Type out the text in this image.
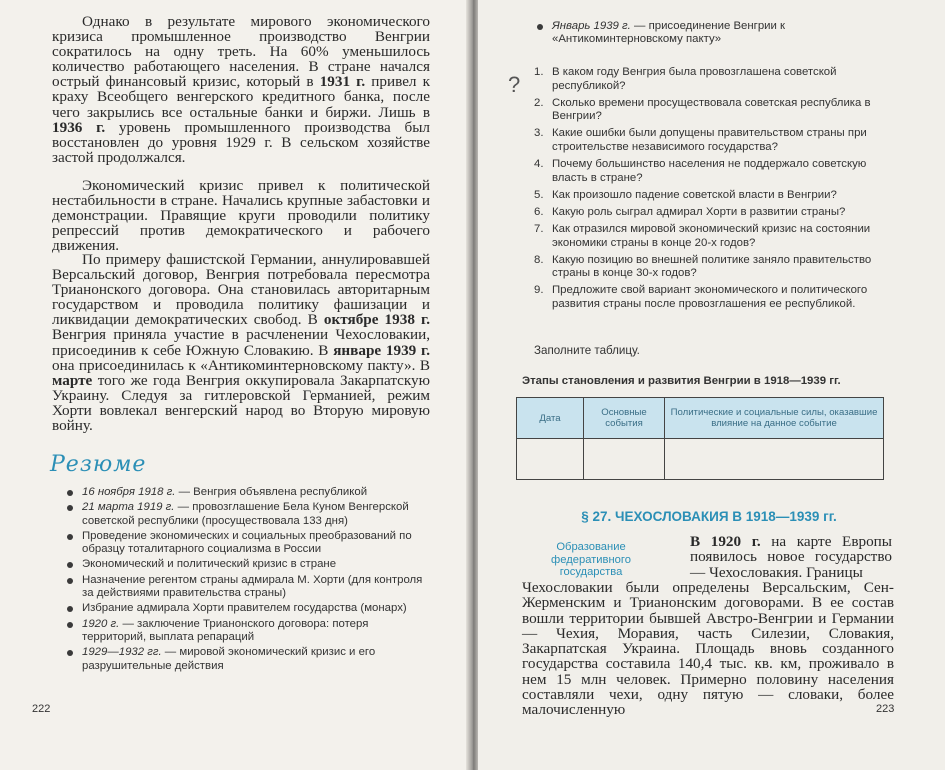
Однако в результате мирового экономического кризиса промышленное производство Венгрии сократилось на одну треть. На 60% уменьшилось количество работающего населения. В стране начался острый финансовый кризис, который в 1931 г. привел к краху Всеобщего венгерского кредитного банка, после чего закрылись все остальные банки и биржи. Лишь в 1936 г. уровень промышленного производства был восстановлен до уровня 1929 г. В сельском хозяйстве застой продолжался.

Экономический кризис привел к политической нестабильности в стране. Начались крупные забастовки и демонстрации. Правящие круги проводили политику репрессий против демократического и рабочего движения.

По примеру фашистской Германии, аннулировавшей Версальский договор, Венгрия потребовала пересмотра Трианонского договора. Она становилась авторитарным государством и проводила политику фашизации и ликвидации демократических свобод. В октябре 1938 г. Венгрия приняла участие в расчленении Чехословакии, присоединив к себе Южную Словакию. В январе 1939 г. она присоединилась к «Антикоминтерновскому пакту». В марте того же года Венгрия оккупировала Закарпатскую Украину. Следуя за гитлеровской Германией, режим Хорти вовлекал венгерский народ во Вторую мировую войну.

Резюме
16 ноября 1918 г. — Венгрия объявлена республикой
21 марта 1919 г. — провозглашение Бела Куном Венгерской советской республики (просуществовала 133 дня)
Проведение экономических и социальных преобразований по образцу тоталитарного социализма в России
Экономический и политический кризис в стране
Назначение регентом страны адмирала М. Хорти (для контроля за действиями правительства страны)
Избрание адмирала Хорти правителем государства (монарх)
1920 г. — заключение Трианонского договора: потеря территорий, выплата репараций
1929—1932 гг. — мировой экономический кризис и его разрушительные действия
222
Январь 1939 г. — присоединение Венгрии к «Антикоминтерновскому пакту»
? 1. В каком году Венгрия была провозглашена советской республикой?
2. Сколько времени просуществовала советская республика в Венгрии?
3. Какие ошибки были допущены правительством страны при строительстве независимого государства?
4. Почему большинство населения не поддержало советскую власть в стране?
5. Как произошло падение советской власти в Венгрии?
6. Какую роль сыграл адмирал Хорти в развитии страны?
7. Как отразился мировой экономический кризис на состоянии экономики страны в конце 20-х годов?
8. Какую позицию во внешней политике заняло правительство страны в конце 30-х годов?
9. Предложите свой вариант экономического и политического развития страны после провозглашения ее республикой.
Заполните таблицу.
Этапы становления и развития Венгрии в 1918—1939 гг.
Дата	Основные события	Политические и социальные силы, оказавшие влияние на данное событие

§ 27. ЧЕХОСЛОВАКИЯ В 1918—1939 гг.
Образование федеративного государства

В 1920 г. на карте Европы появилось новое государство — Чехословакия. Границы

Чехословакии были определены Версальским, Сен-Жерменским и Трианонским договорами. В ее состав вошли территории бывшей Австро-Венгрии и Германии — Чехия, Моравия, часть Силезии, Словакия, Закарпатская Украина. Площадь вновь созданного государства составила 140,4 тыс. кв. км, проживало в нем 15 млн человек. Примерно половину населения составляли чехи, одну пятую — словаки, более малочисленную	223
